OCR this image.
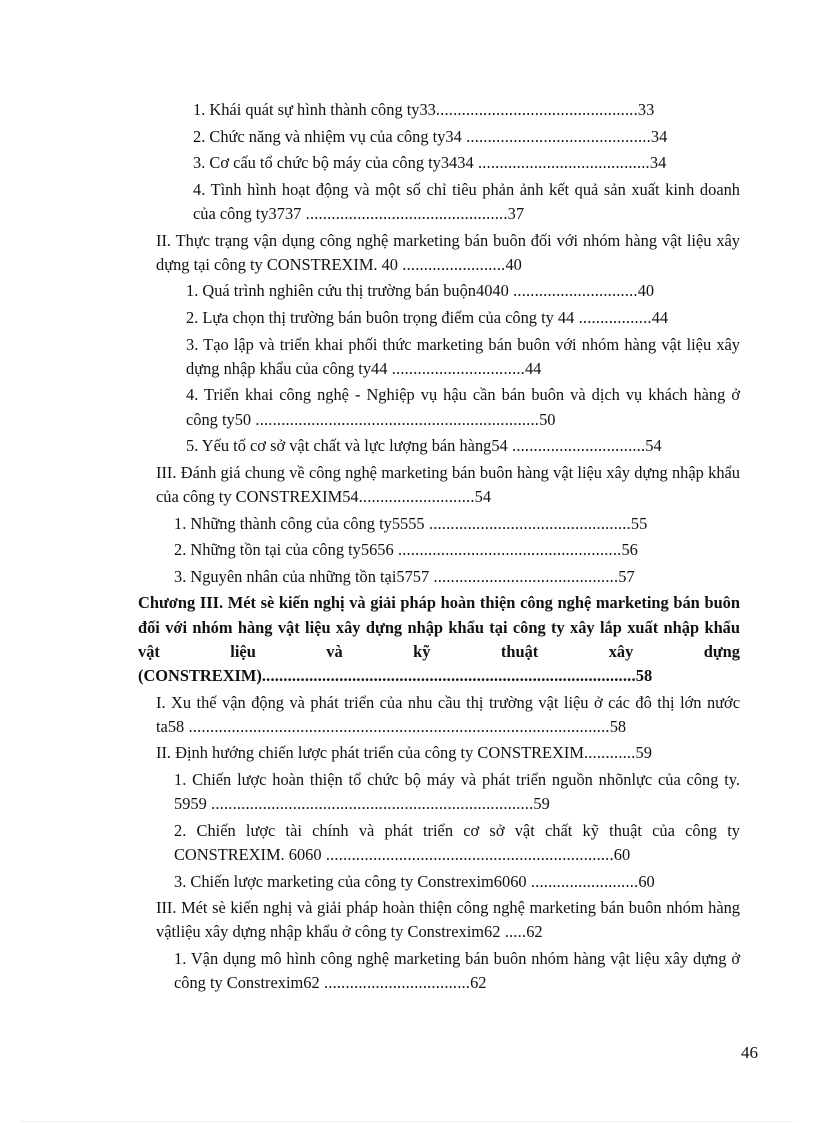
1. Khái quát sự hình thành công ty33...............................................33
2. Chức năng và nhiệm vụ của công ty34 ...........................................34
3. Cơ cấu tổ chức bộ máy của công ty3434 ........................................34
4. Tình hình hoạt động và một số chỉ tiêu phản ảnh kết quả sản xuất kinh doanh của công ty3737 ...............................................37
II. Thực trạng vận dụng công nghệ marketing bán buôn đối với nhóm hàng vật liệu xây dựng tại công ty CONSTREXIM. 40 ........................40
1. Quá trình nghiên cứu thị trường bán buộn4040 .............................40
2. Lựa chọn thị trường bán buôn trọng điểm của công ty 44 .................44
3. Tạo lập và triển khai phối thức marketing bán buôn với nhóm hàng vật liệu xây dựng nhập khẩu của công ty44 ...............................44
4. Triển khai công nghệ - Nghiệp vụ hậu cần bán buôn và dịch vụ khách hàng ở công ty50 ..................................................................50
5. Yếu tố cơ sở vật chất và lực lượng bán hàng54 ...............................54
III. Đánh giá chung về công nghệ marketing bán buôn hàng vật liệu xây dựng nhập khẩu của công ty CONSTREXIM54...........................54
1. Những thành công của công ty5555 ...............................................55
2. Những tồn tại của công ty5656 ....................................................56
3. Nguyên nhân của những tồn tại5757 ...........................................57
Chương III. Mét sè kiến nghị và giải pháp hoàn thiện công nghệ marketing bán buôn đối với nhóm hàng vật liệu xây dựng nhập khẩu tại công ty xây lắp xuất nhập khẩu vật liệu và kỹ thuật xây dựng (CONSTREXIM).......................................................................................58
I. Xu thế vận động và phát triển của nhu cầu thị trường vật liệu ở các đô thị lớn nước ta58 ..................................................................................................58
II. Định hướng chiến lược phát triển của công ty CONSTREXIM............59
1. Chiến lược hoàn thiện tổ chức bộ máy và phát triển nguồn nhõnlực của công ty. 5959 ...........................................................................59
2. Chiến lược tài chính và phát triển cơ sở vật chất kỹ thuật của công ty CONSTREXIM. 6060 ...................................................................60
3. Chiến lược marketing của công ty Constrexim6060 .........................60
III. Mét sè kiến nghị và giải pháp hoàn thiện công nghệ marketing bán buôn nhóm hàng vậtliệu xây dựng nhập khẩu ở công ty Constrexim62 .....62
1. Vận dụng mô hình công nghệ marketing bán buôn nhóm hàng vật liệu xây dựng ở công ty Constrexim62 ..................................62
46
